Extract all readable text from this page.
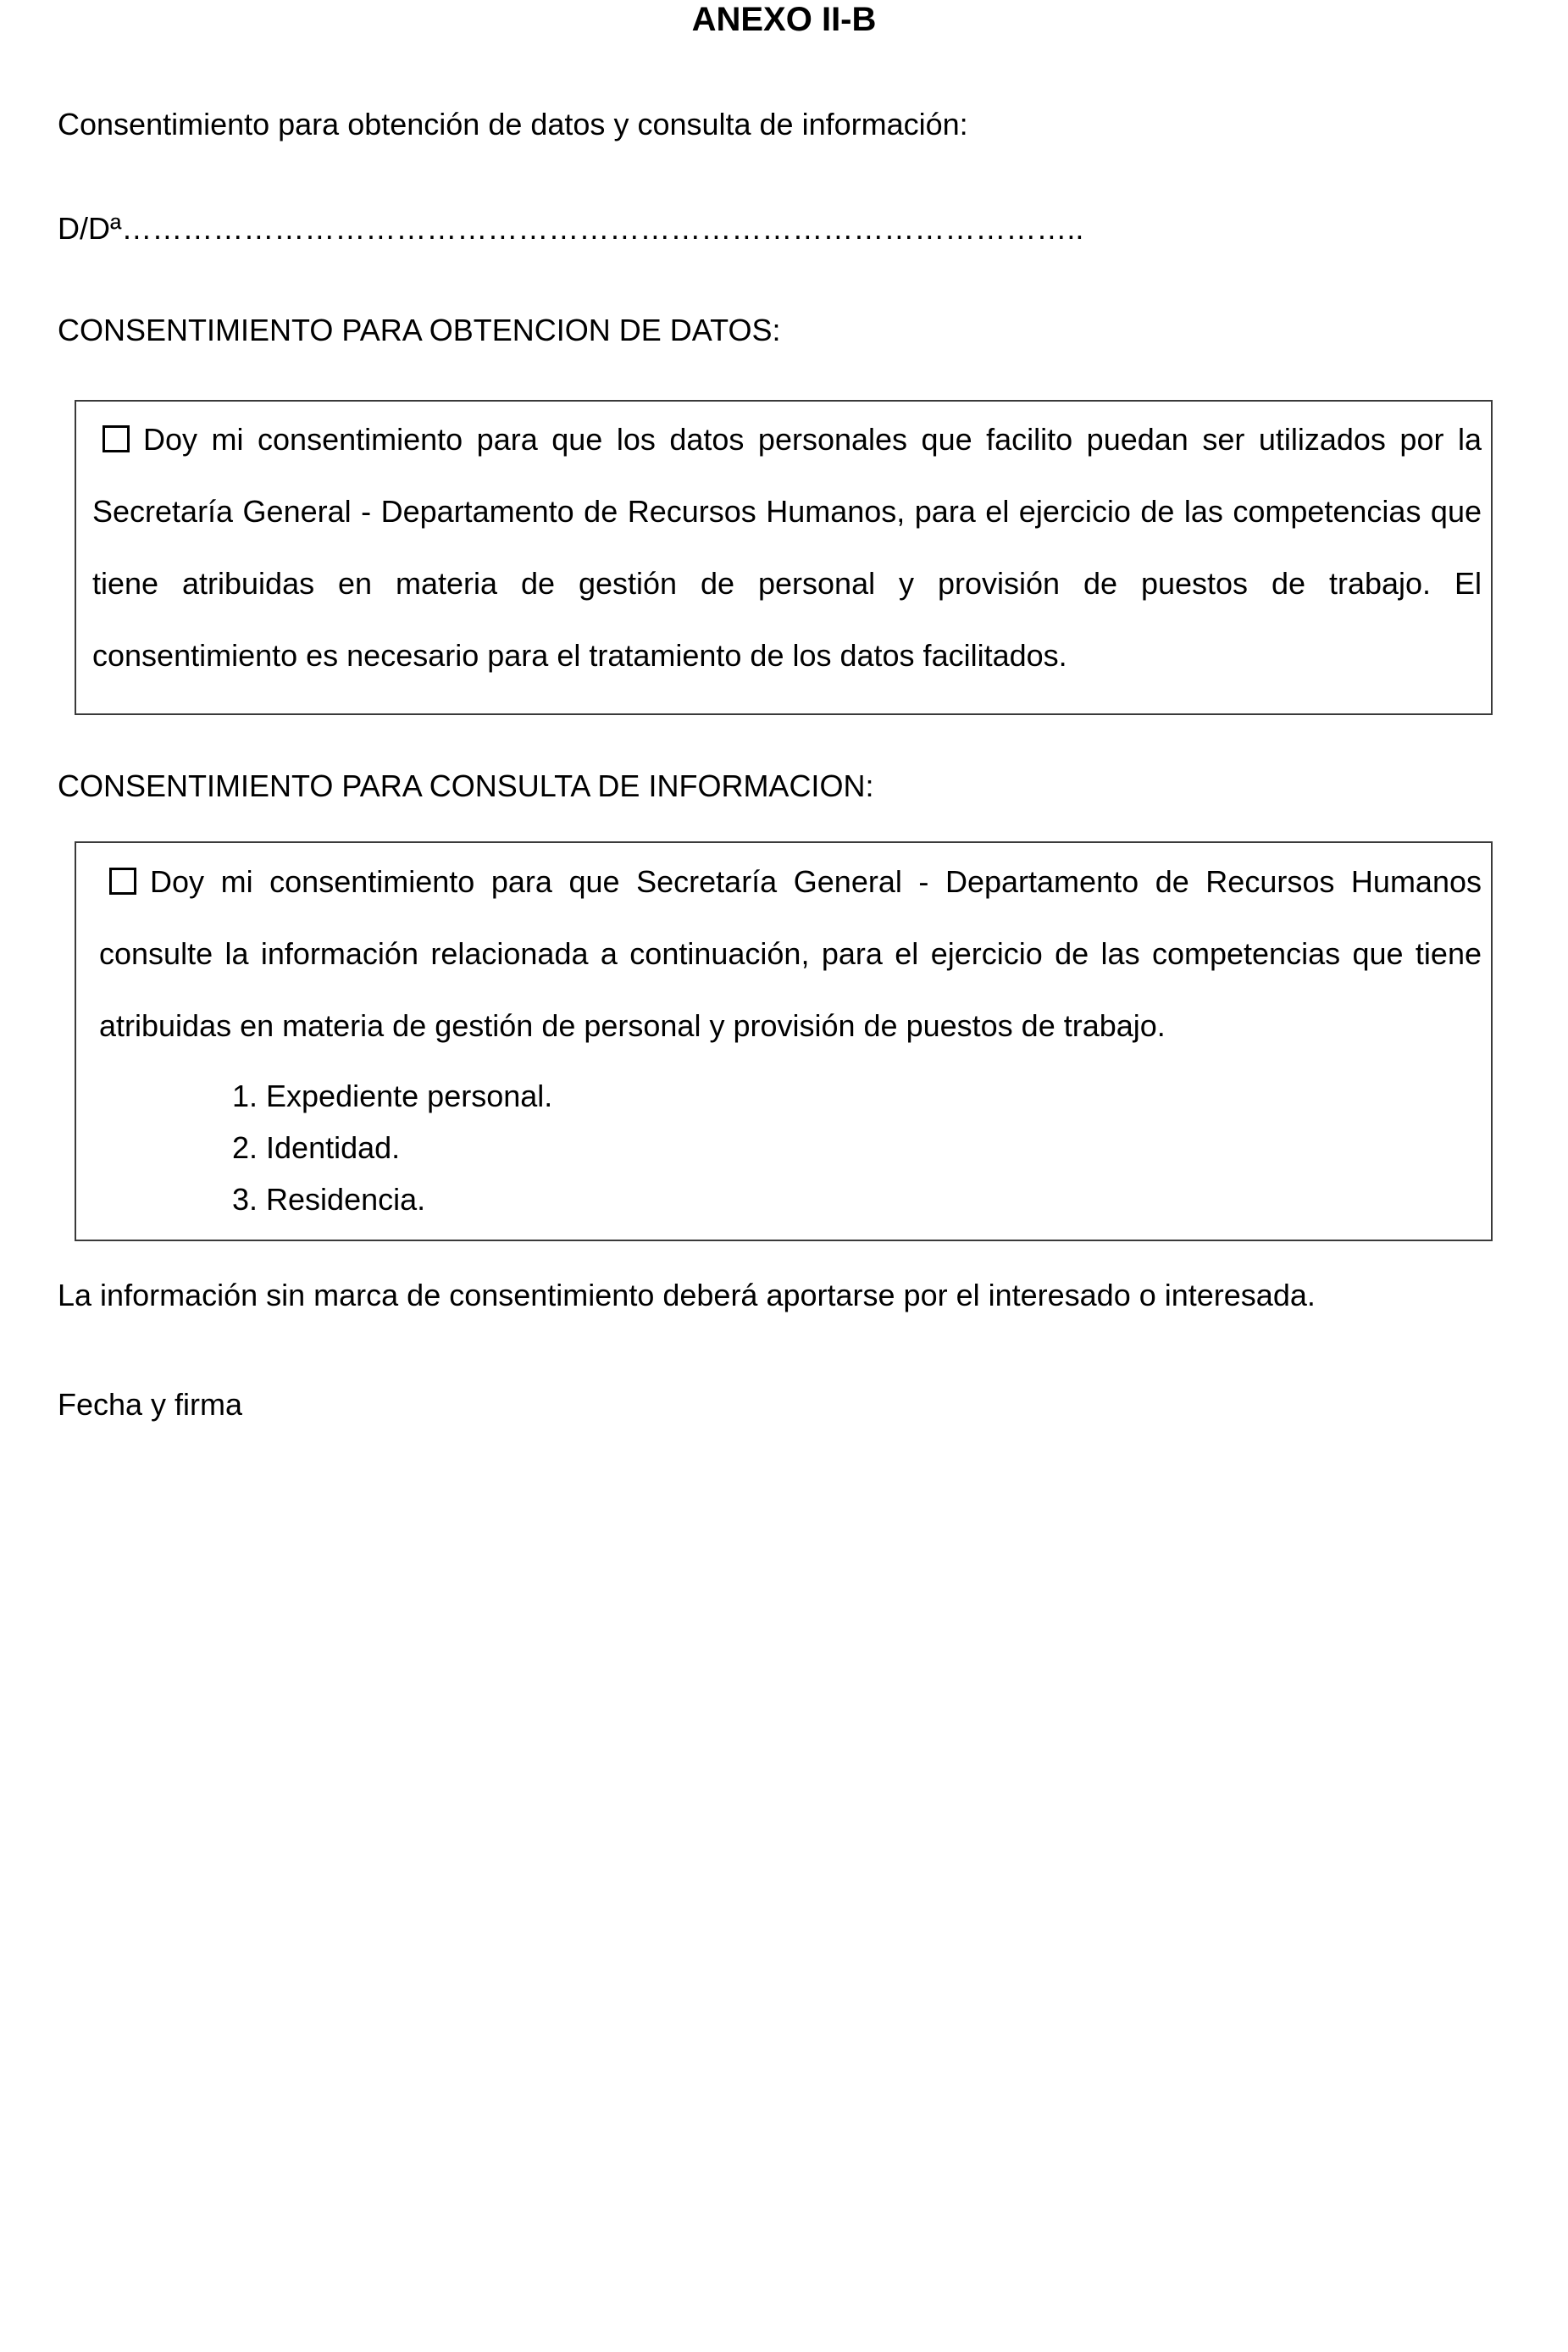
ANEXO II-B
Consentimiento para obtención de datos y consulta de información:
D/Dª…………………………………………………………………………………..
CONSENTIMIENTO PARA OBTENCION DE DATOS:
Doy mi consentimiento para que los datos personales que facilito puedan ser utilizados por la Secretaría General - Departamento de Recursos Humanos, para el ejercicio de las competencias que tiene atribuidas en materia de gestión de personal y provisión de puestos de trabajo. El consentimiento es necesario para el tratamiento de los datos facilitados.
CONSENTIMIENTO PARA CONSULTA DE INFORMACION:
Doy mi consentimiento para que Secretaría General - Departamento de Recursos Humanos consulte la información relacionada a continuación, para el ejercicio de las competencias que tiene atribuidas en materia de gestión de personal y provisión de puestos de trabajo.
1. Expediente personal.
2. Identidad.
3. Residencia.
La información sin marca de consentimiento deberá aportarse por el interesado o interesada.
Fecha y firma
